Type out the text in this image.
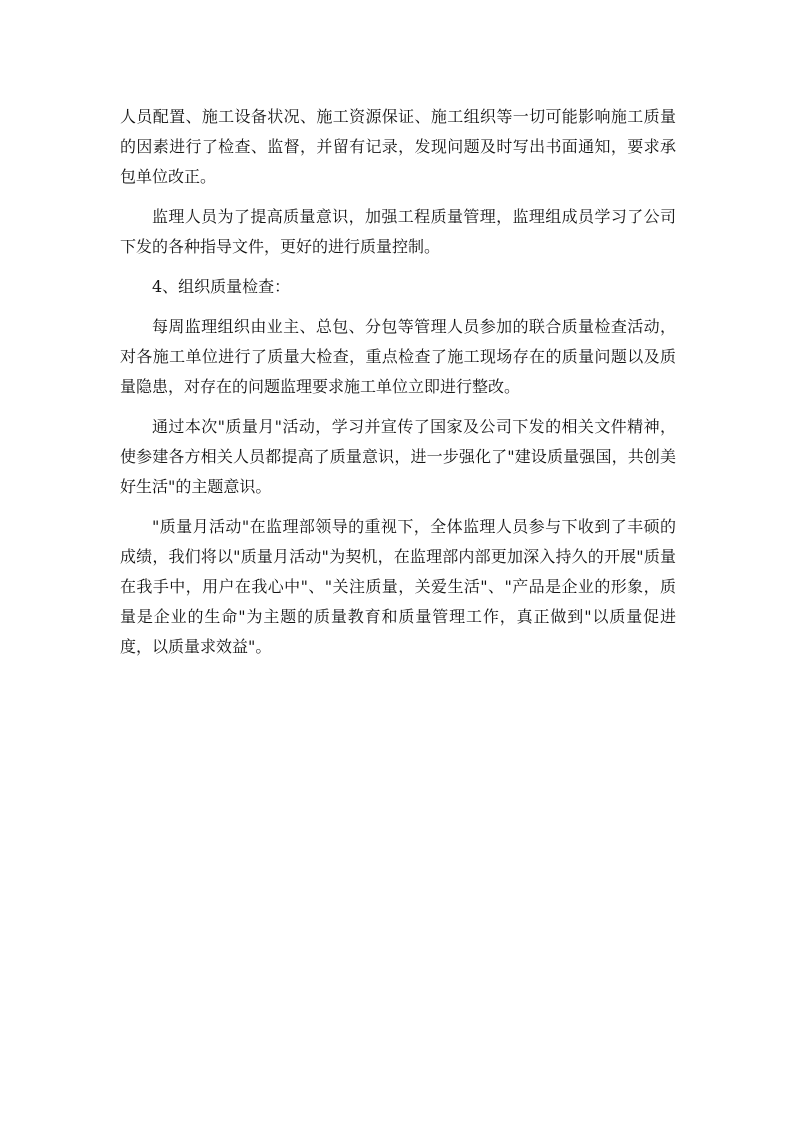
人员配置、施工设备状况、施工资源保证、施工组织等一切可能影响施工质量的因素进行了检查、监督，并留有记录，发现问题及时写出书面通知，要求承包单位改正。

监理人员为了提高质量意识，加强工程质量管理，监理组成员学习了公司下发的各种指导文件，更好的进行质量控制。

4、组织质量检查：

每周监理组织由业主、总包、分包等管理人员参加的联合质量检查活动，对各施工单位进行了质量大检查，重点检查了施工现场存在的质量问题以及质量隐患，对存在的问题监理要求施工单位立即进行整改。

通过本次"质量月"活动，学习并宣传了国家及公司下发的相关文件精神，使参建各方相关人员都提高了质量意识，进一步强化了"建设质量强国，共创美好生活"的主题意识。

"质量月活动"在监理部领导的重视下，全体监理人员参与下收到了丰硕的成绩，我们将以"质量月活动"为契机，在监理部内部更加深入持久的开展"质量在我手中，用户在我心中"、"关注质量，关爱生活"、"产品是企业的形象，质量是企业的生命"为主题的质量教育和质量管理工作，真正做到"以质量促进度，以质量求效益"。
